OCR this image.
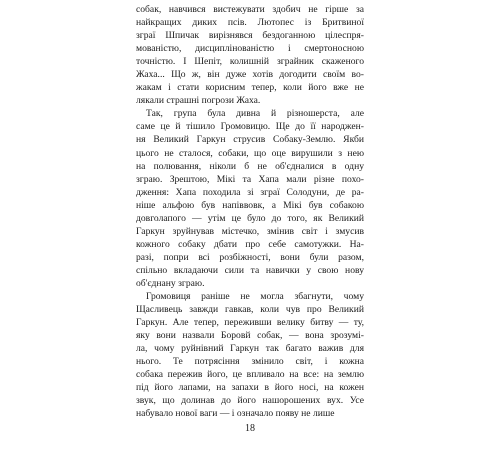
собак, навчився вистежувати здобич не гірше за
найкращих диких псів. Лютопес із Бритвиної
зграї Шпичак вирізнявся бездоганною цілеспря-
мованістю, дисциплінованістю і смертоносною
точністю. І Шепіт, колишній зграйник скаженого
Жаха... Що ж, він дуже хотів догодити своїм во-
жакам і стати корисним тепер, коли його вже не
лякали страшні погрози Жаха.
Так, група була дивна й різношерста, але
саме це й тішило Громовицю. Ще до її народжен-
ня Великий Гаркун струсив Собаку-Землю. Якби
цього не сталося, собаки, що оце вирушили з нею
на полювання, ніколи б не об'єдналися в одну
зграю. Зрештою, Мікі та Хапа мали різне похо-
дження: Хапа походила зі зграї Солодуни, де ра-
ніше альфою був напіввовк, а Мікі був собакою
довголапого — утім це було до того, як Великий
Гаркун зруйнував містечко, змінив світ і змусив
кожного собаку дбати про себе самотужки. На-
разі, попри всі розбіжності, вони були разом,
спільно вкладаючи сили та навички у свою нову
об'єднану зграю.
Громовиця раніше не могла збагнути, чому
Щасливець завжди гавкав, коли чув про Великий
Гаркун. Але тепер, переживши велику битву — ту,
яку вони назвали Боровй собак, — вона зрозумі-
ла, чому руйнівний Гаркун так багато важив для
нього. Те потрясіння змінило світ, і кожна
собака пережив його, це впливало на все: на землю
під його лапами, на запахи в його носі, на кожен
звук, що долинав до його нашорошених вух. Усе
набувало нової ваги — і означало появу не лише
18
